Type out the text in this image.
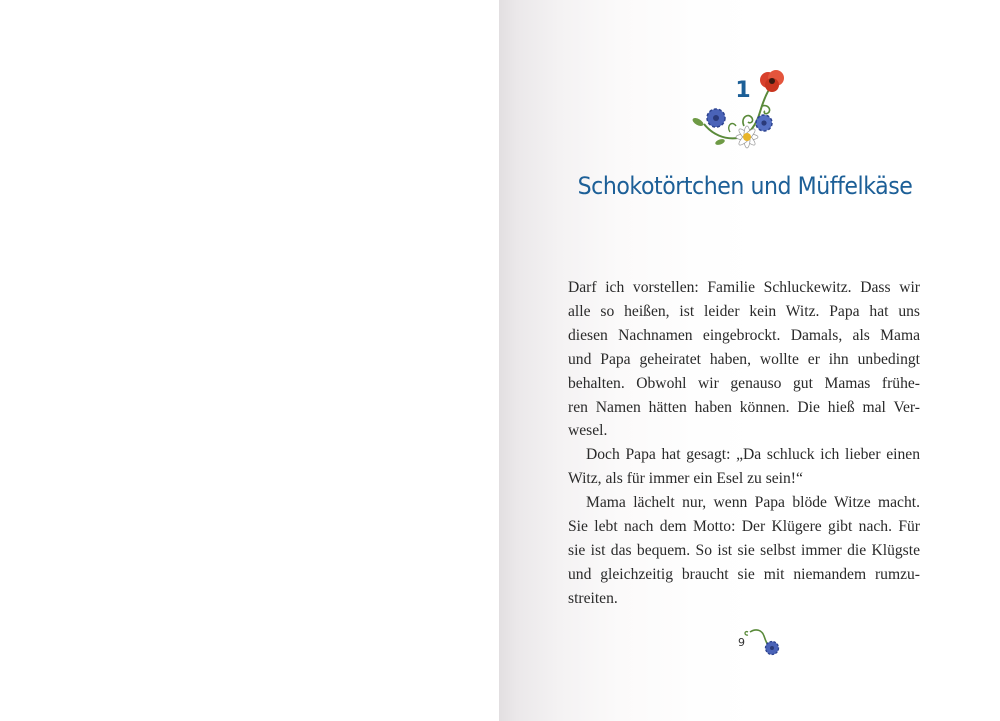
1
Schokotörtchen und Müffelkäse
Darf ich vorstellen: Familie Schluckewitz. Dass wir
alle so heißen, ist leider kein Witz. Papa hat uns
diesen Nachnamen eingebrockt. Damals, als Mama
und Papa geheiratet haben, wollte er ihn unbedingt
behalten. Obwohl wir genauso gut Mamas frühe-
ren Namen hätten haben können. Die hieß mal Ver-
wesel.
Doch Papa hat gesagt: „Da schluck ich lieber einen
Witz, als für immer ein Esel zu sein!“
Mama lächelt nur, wenn Papa blöde Witze macht.
Sie lebt nach dem Motto: Der Klügere gibt nach. Für
sie ist das bequem. So ist sie selbst immer die Klügste
und gleichzeitig braucht sie mit niemandem rumzu-
streiten.
9
